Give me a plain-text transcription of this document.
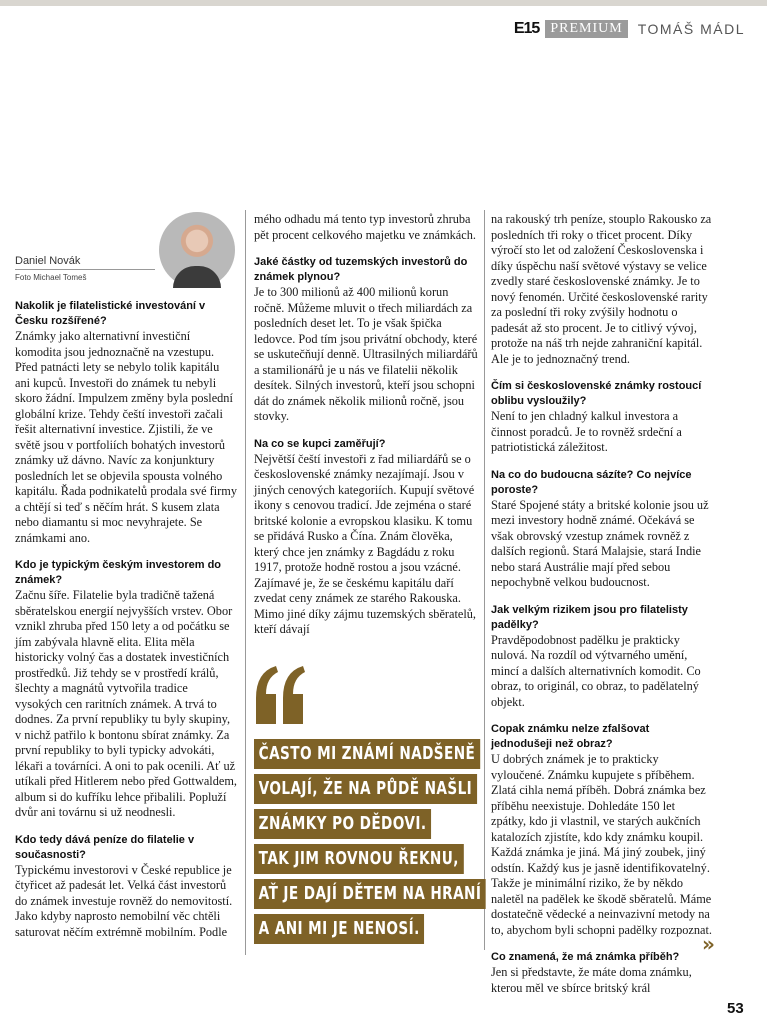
E15 PREMIUM	TOMÁŠ MÁDL
Daniel Novák
Foto Michael Tomeš

Nakolik je filatelistické investování v Česku rozšířené?

Známky jako alternativní investiční komodita jsou jednoznačně na vzestupu. Před patnácti lety se nebylo tolik kapitálu ani kupců. Investoři do známek tu nebyli skoro žádní. Impulzem změny byla poslední globální krize. Tehdy čeští investoři začali řešit alternativní investice. Zjistili, že ve světě jsou v portfoliích bohatých investorů známky už dávno. Navíc za konjunktury posledních let se objevila spousta volného kapitálu. Řada podnikatelů prodala své firmy a chtějí si teď s něčím hrát. S kusem zlata nebo diamantu si moc nevyhrajete. Se známkami ano.

Kdo je typickým českým investorem do známek?

Začnu šíře. Filatelie byla tradičně tažená sběratelskou energií nejvyšších vrstev. Obor vznikl zhruba před 150 lety a od počátku se jím zabývala hlavně elita. Elita měla historicky volný čas a dostatek investičních prostředků. Již tehdy se v prostředí králů, šlechty a magnátů vytvořila tradice vysokých cen raritních známek. A trvá to dodnes. Za první republiky tu byly skupiny, v nichž patřilo k bontonu sbírat známky. Za první republiky to byli typicky advokáti, lékaři a továrníci. A oni to pak ocenili. Ať už utíkali před Hitlerem nebo před Gottwaldem, album si do kufříku lehce přibalili. Popluží dvůr ani továrnu si už neodnesli.

Kdo tedy dává peníze do filatelie v současnosti?

Typickému investorovi v České republice je čtyřicet až padesát let. Velká část investorů do známek investuje rovněž do nemovitostí. Jako kdyby naprosto nemobilní věc chtěli saturovat něčím extrémně mobilním. Podle

mého odhadu má tento typ investorů zhruba pět procent celkového majetku ve známkách.

Jaké částky od tuzemských investorů do známek plynou?

Je to 300 milionů až 400 milionů korun ročně. Můžeme mluvit o třech miliardách za posledních deset let. To je však špička ledovce. Pod tím jsou privátní obchody, které se uskutečňují denně. Ultrasilných miliardářů a stamilionářů je u nás ve filatelii několik desítek. Silných investorů, kteří jsou schopni dát do známek několik milionů ročně, jsou stovky.

Na co se kupci zaměřují?

Největší čeští investoři z řad miliardářů se o československé známky nezajímají. Jsou v jiných cenových kategoriích. Kupují světové ikony s cenovou tradicí. Jde zejména o staré britské kolonie a evropskou klasiku. K tomu se přidává Rusko a Čína. Znám člověka, který chce jen známky z Bagdádu z roku 1917, protože hodně rostou a jsou vzácné. Zajímavé je, že se českému kapitálu daří zvedat ceny známek ze starého Rakouska. Mimo jiné díky zájmu tuzemských sběratelů, kteří dávají

ČASTO MI ZNÁMÍ NADŠENĚ
VOLAJÍ, ŽE NA PŮDĚ NAŠLI
ZNÁMKY PO DĚDOVI.
TAK JIM ROVNOU ŘEKNU,
AŤ JE DAJÍ DĚTEM NA HRANÍ
A ANI MI JE NENOSÍ.

na rakouský trh peníze, stouplo Rakousko za posledních tři roky o třicet procent. Díky výročí sto let od založení Československa i díky úspěchu naší světové výstavy se velice zvedly staré československé známky. Je to nový fenomén. Určité československé rarity za poslední tři roky zvýšily hodnotu o padesát až sto procent. Je to citlivý vývoj, protože na náš trh nejde zahraniční kapitál. Ale je to jednoznačný trend.

Čím si československé známky rostoucí oblibu vysloužily?

Není to jen chladný kalkul investora a činnost poradců. Je to rovněž srdeční a patriotistická záležitost.

Na co do budoucna sázíte? Co nejvíce poroste?

Staré Spojené státy a britské kolonie jsou už mezi investory hodně známé. Očekává se však obrovský vzestup známek rovněž z dalších regionů. Stará Malajsie, stará Indie nebo stará Austrálie mají před sebou nepochybně velkou budoucnost.

Jak velkým rizikem jsou pro filatelisty padělky?

Pravděpodobnost padělku je prakticky nulová. Na rozdíl od výtvarného umění, mincí a dalších alternativních komodit. Co obraz, to originál, co obraz, to padělatelný objekt.

Copak známku nelze zfalšovat jednodušeji než obraz?

U dobrých známek je to prakticky vyloučené. Známku kupujete s příběhem. Zlatá cihla nemá příběh. Dobrá známka bez příběhu neexistuje. Dohledáte 150 let zpátky, kdo ji vlastnil, ve starých aukčních katalozích zjistíte, kdo kdy známku koupil. Každá známka je jiná. Má jiný zoubek, jiný odstín. Každý kus je jasně identifikovatelný. Takže je minimální riziko, že by někdo naletěl na padělek ke škodě sběratelů. Máme dostatečně vědecké a neinvazivní metody na to, abychom byli schopni padělky rozpoznat.

Co znamená, že má známka příběh?

Jen si představte, že máte doma známku, kterou měl ve sbírce britský král

»
53
